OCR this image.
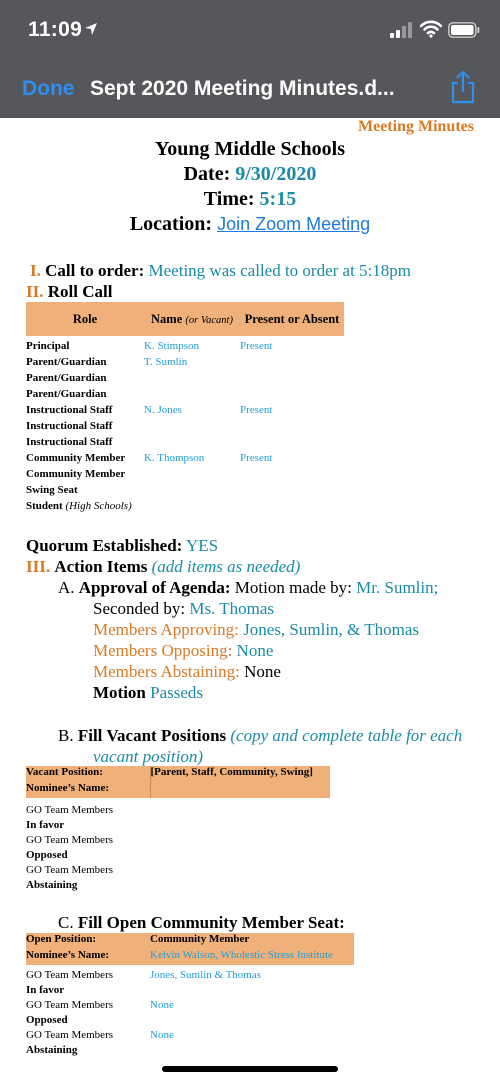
11:09
Done Sept 2020 Meeting Minutes.d...
Meeting Minutes
Young Middle Schools
Date: 9/30/2020
Time: 5:15
Location: Join Zoom Meeting
I. Call to order: Meeting was called to order at 5:18pm
II. Roll Call
Role	Name (or Vacant)	Present or Absent

Principal	K. Stimpson	Present
Parent/Guardian	T. Sumlin	
Parent/Guardian		
Parent/Guardian		
Instructional Staff	N. Jones	Present
Instructional Staff		
Instructional Staff		
Community Member	K. Thompson	Present
Community Member		
Swing Seat		
Student (High Schools)		
Quorum Established: YES
III. Action Items (add items as needed)
A. Approval of Agenda: Motion made by: Mr. Sumlin;
Seconded by: Ms. Thomas
Members Approving: Jones, Sumlin, & Thomas
Members Opposing: None
Members Abstaining: None
Motion Passeds
B. Fill Vacant Positions (copy and complete table for each
vacant position)
Vacant Position:	[Parent, Staff, Community, Swing]
Nominee’s Name:	

GO Team Members	
In favor	
GO Team Members	
Opposed	
GO Team Members	
Abstaining	
C. Fill Open Community Member Seat:
Open Position:	Community Member
Nominee’s Name:	Kelvin Walson, Wholestic Stress Institute

GO Team Members	Jones, Sumlin & Thomas
In favor	
GO Team Members	None
Opposed	
GO Team Members	None
Abstaining	
